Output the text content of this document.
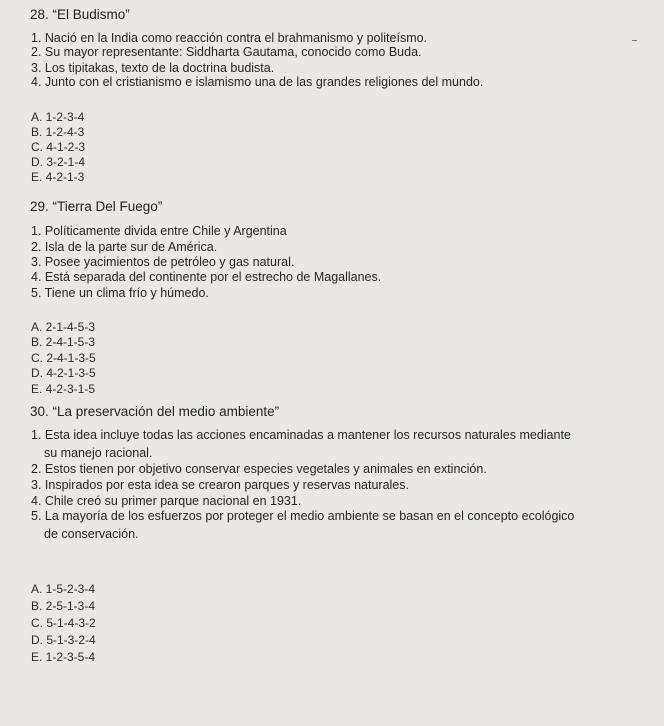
28. “El Budismo”
1. Nació en la India como reacción contra el brahmanismo y politeísmo.
2. Su mayor representante: Siddharta Gautama, conocido como Buda.
3. Los tipitakas, texto de la doctrina budista.
4. Junto con el cristianismo e islamismo una de las grandes religiones del mundo.
A. 1-2-3-4
B. 1-2-4-3
C. 4-1-2-3
D. 3-2-1-4
E. 4-2-1-3
29. “Tierra Del Fuego”
1. Políticamente divida entre Chile y Argentina
2. Isla de la parte sur de América.
3. Posee yacimientos de petróleo y gas natural.
4. Está separada del continente por el estrecho de Magallanes.
5. Tiene un clima frío y húmedo.
A. 2-1-4-5-3
B. 2-4-1-5-3
C. 2-4-1-3-5
D. 4-2-1-3-5
E. 4-2-3-1-5
30. “La preservación del medio ambiente”
1. Esta idea incluye todas las acciones encaminadas a mantener los recursos naturales mediante
su manejo racional.
2. Estos tienen por objetivo conservar especies vegetales y animales en extinción.
3. Inspirados por esta idea se crearon parques y reservas naturales.
4. Chile creó su primer parque nacional en 1931.
5. La mayoría de los esfuerzos por proteger el medio ambiente se basan en el concepto ecológico
de conservación.
A. 1-5-2-3-4
B. 2-5-1-3-4
C. 5-1-4-3-2
D. 5-1-3-2-4
E. 1-2-3-5-4
